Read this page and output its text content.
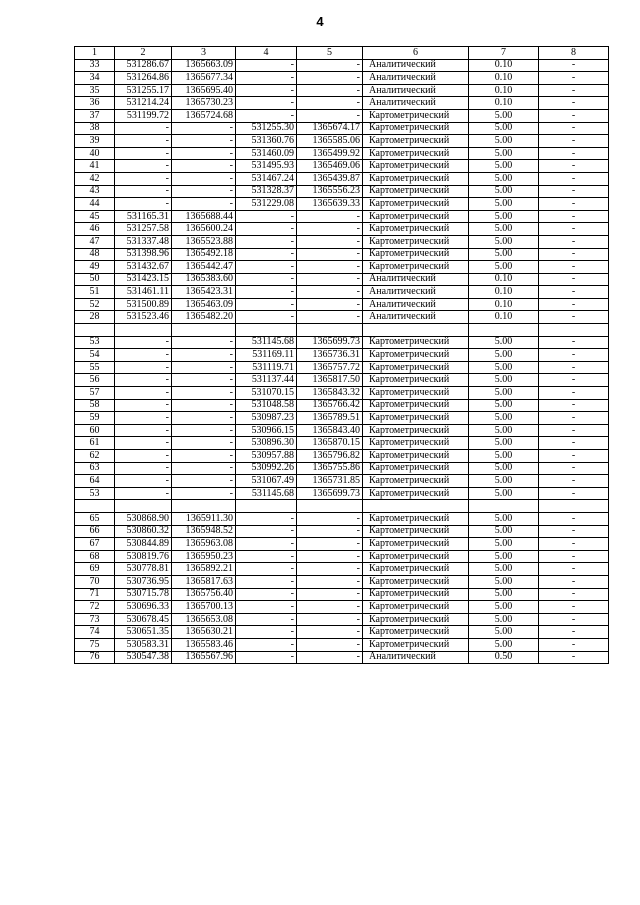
4
1	2	3	4	5	6	7	8
33	531286.67	1365663.09	-	-	Аналитический	0.10	-
34	531264.86	1365677.34	-	-	Аналитический	0.10	-
35	531255.17	1365695.40	-	-	Аналитический	0.10	-
36	531214.24	1365730.23	-	-	Аналитический	0.10	-
37	531199.72	1365724.68	-	-	Картометрический	5.00	-
38	-	-	531255.30	1365674.17	Картометрический	5.00	-
39	-	-	531360.76	1365585.06	Картометрический	5.00	-
40	-	-	531460.09	1365499.92	Картометрический	5.00	-
41	-	-	531495.93	1365469.06	Картометрический	5.00	-
42	-	-	531467.24	1365439.87	Картометрический	5.00	-
43	-	-	531328.37	1365556.23	Картометрический	5.00	-
44	-	-	531229.08	1365639.33	Картометрический	5.00	-
45	531165.31	1365688.44	-	-	Картометрический	5.00	-
46	531257.58	1365600.24	-	-	Картометрический	5.00	-
47	531337.48	1365523.88	-	-	Картометрический	5.00	-
48	531398.96	1365492.18	-	-	Картометрический	5.00	-
49	531432.67	1365442.47	-	-	Картометрический	5.00	-
50	531423.15	1365383.60	-	-	Аналитический	0.10	-
51	531461.11	1365423.31	-	-	Аналитический	0.10	-
52	531500.89	1365463.09	-	-	Аналитический	0.10	-
28	531523.46	1365482.20	-	-	Аналитический	0.10	-

53	-	-	531145.68	1365699.73	Картометрический	5.00	-
54	-	-	531169.11	1365736.31	Картометрический	5.00	-
55	-	-	531119.71	1365757.72	Картометрический	5.00	-
56	-	-	531137.44	1365817.50	Картометрический	5.00	-
57	-	-	531070.15	1365843.32	Картометрический	5.00	-
58	-	-	531048.58	1365766.42	Картометрический	5.00	-
59	-	-	530987.23	1365789.51	Картометрический	5.00	-
60	-	-	530966.15	1365843.40	Картометрический	5.00	-
61	-	-	530896.30	1365870.15	Картометрический	5.00	-
62	-	-	530957.88	1365796.82	Картометрический	5.00	-
63	-	-	530992.26	1365755.86	Картометрический	5.00	-
64	-	-	531067.49	1365731.85	Картометрический	5.00	-
53	-	-	531145.68	1365699.73	Картометрический	5.00	-

65	530868.90	1365911.30	-	-	Картометрический	5.00	-
66	530860.32	1365948.52	-	-	Картометрический	5.00	-
67	530844.89	1365963.08	-	-	Картометрический	5.00	-
68	530819.76	1365950.23	-	-	Картометрический	5.00	-
69	530778.81	1365892.21	-	-	Картометрический	5.00	-
70	530736.95	1365817.63	-	-	Картометрический	5.00	-
71	530715.78	1365756.40	-	-	Картометрический	5.00	-
72	530696.33	1365700.13	-	-	Картометрический	5.00	-
73	530678.45	1365653.08	-	-	Картометрический	5.00	-
74	530651.35	1365630.21	-	-	Картометрический	5.00	-
75	530583.31	1365583.46	-	-	Картометрический	5.00	-
76	530547.38	1365567.96	-	-	Аналитический	0.50	-
